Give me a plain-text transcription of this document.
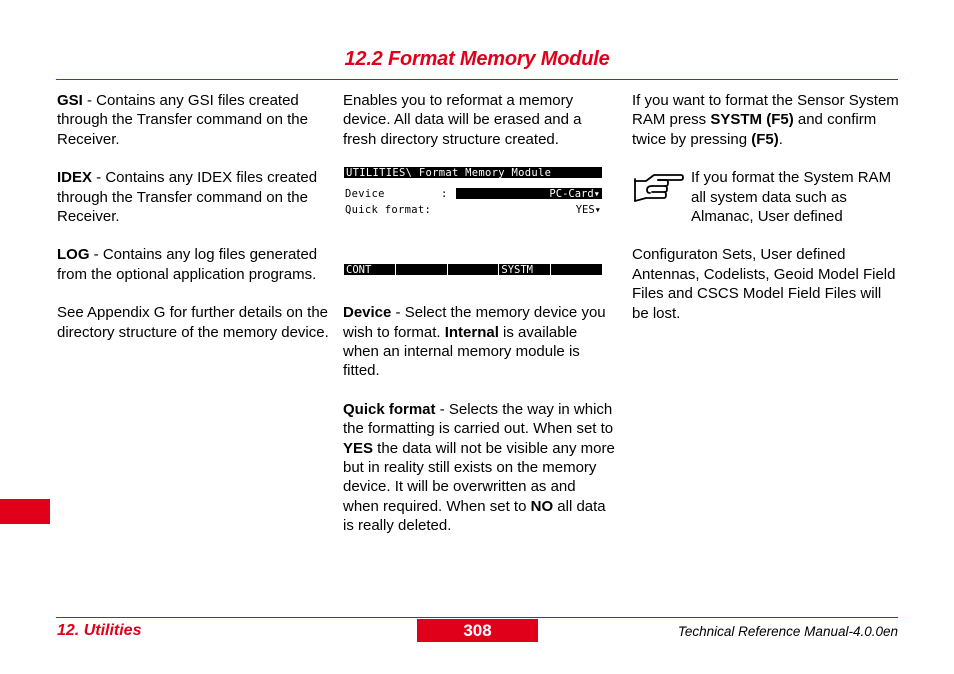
12.2 Format Memory Module

GSI - Contains any GSI files created through the Transfer command on the Receiver.

IDEX - Contains any IDEX files created through the Transfer command on the Receiver.

LOG - Contains any log files generated from the optional application programs.

See Appendix G for further details on the directory structure of the memory device.

Enables you to reformat a memory device. All data will be erased and a fresh directory structure created.

UTILITIES\ Format Memory Module
Device	:	PC-Card▾
Quick format:	YES▾
CONT	SYSTM

Device - Select the memory device you wish to format. Internal is available when an internal memory module is fitted.

Quick format - Selects the way in which the formatting is carried out. When set to YES the data will not be visible any more but in reality still exists on the memory device. It will be overwritten as and when required. When set to NO all data is really deleted.

If you want to format the Sensor System RAM press SYSTM (F5) and confirm twice by pressing (F5).

If you format the System RAM all system data such as Almanac, User defined

Configuraton Sets, User defined Antennas, Codelists, Geoid Model Field Files and CSCS Model Field Files will be lost.

12. Utilities	308	Technical Reference Manual-4.0.0en
